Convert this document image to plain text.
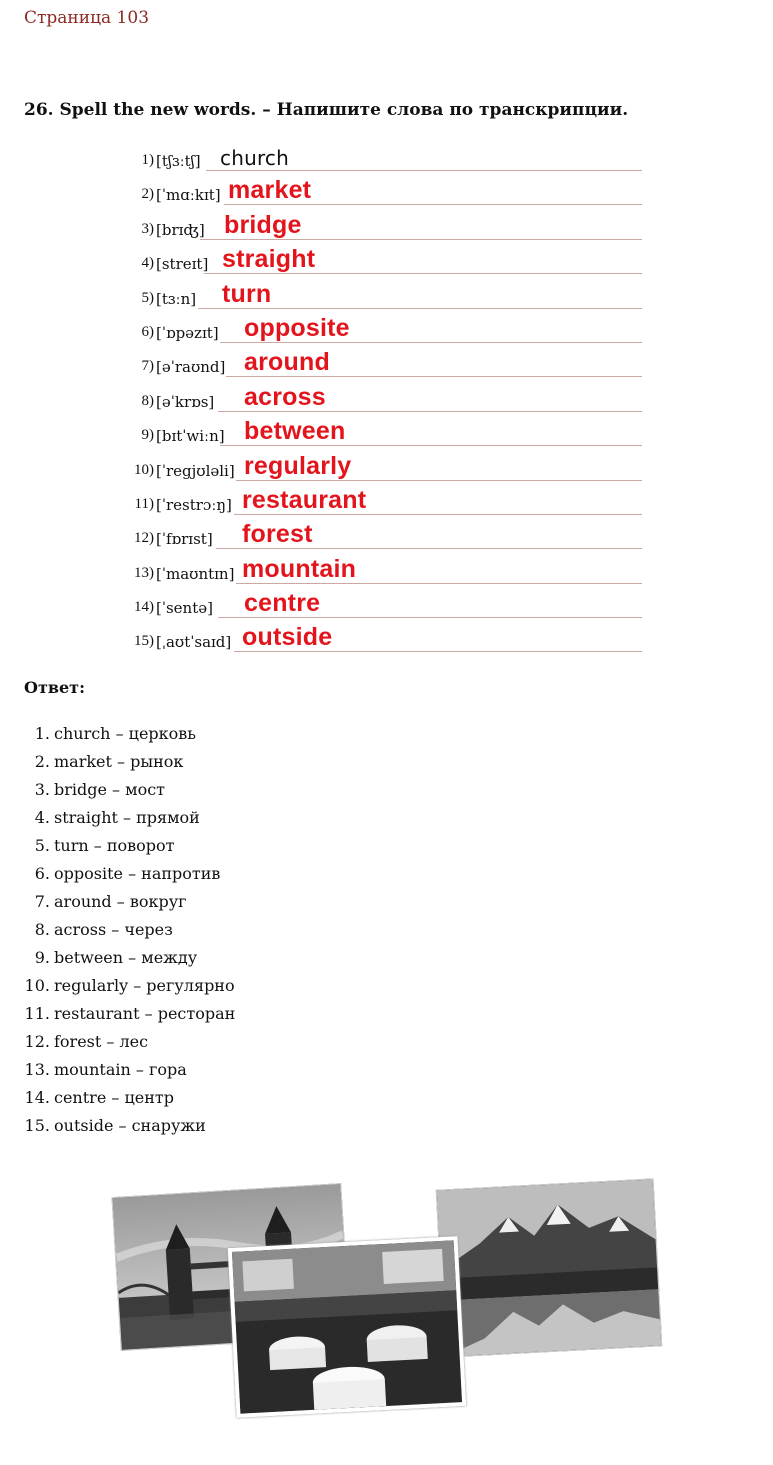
Страница 103
26. Spell the new words. – Напишите слова по транскрипции.
1) [tʃɜːtʃ] church
2) [ˈmɑːkɪt] market
3) [brɪʤ] bridge
4) [streɪt] straight
5) [tɜːn] turn
6) [ˈɒpəzɪt] opposite
7) [əˈraʊnd] around
8) [əˈkrɒs] across
9) [bɪtˈwiːn] between
10) [ˈregjʊləli] regularly
11) [ˈrestrɔːŋ] restaurant
12) [ˈfɒrɪst] forest
13) [ˈmaʊntɪn] mountain
14) [ˈsentə] centre
15) [ˌaʊtˈsaɪd] outside
Ответ:
1. church – церковь
2. market – рынок
3. bridge – мост
4. straight – прямой
5. turn – поворот
6. opposite – напротив
7. around – вокруг
8. across – через
9. between – между
10. regularly – регулярно
11. restaurant – ресторан
12. forest – лес
13. mountain – гора
14. centre – центр
15. outside – снаружи
